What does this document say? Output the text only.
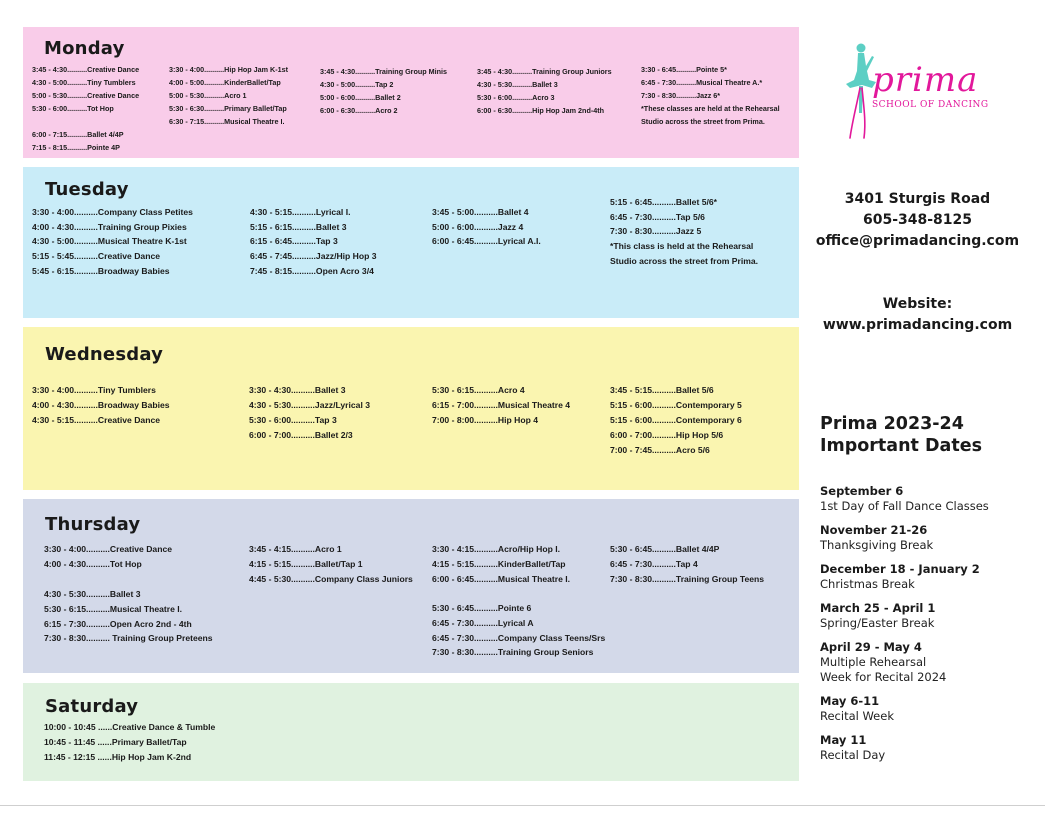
Monday
3:45 - 4:30..........Creative Dance
4:30 - 5:00..........Tiny Tumblers
5:00 - 5:30..........Creative Dance
5:30 - 6:00..........Tot Hop
6:00 - 7:15..........Ballet 4/4P
7:15 - 8:15..........Pointe 4P
3:30 - 4:00..........Hip Hop Jam K-1st
4:00 - 5:00..........KinderBallet/Tap
5:00 - 5:30..........Acro 1
5:30 - 6:30..........Primary Ballet/Tap
6:30 - 7:15..........Musical Theatre I.
3:45 - 4:30..........Training Group Minis
4:30 - 5:00..........Tap 2
5:00 - 6:00..........Ballet 2
6:00 - 6:30..........Acro 2
3:45 - 4:30..........Training Group Juniors
4:30 - 5:30..........Ballet 3
5:30 - 6:00..........Acro 3
6:00 - 6:30..........Hip Hop Jam 2nd-4th
3:30 - 6:45..........Pointe 5*
6:45 - 7:30..........Musical Theatre A.*
7:30 - 8:30..........Jazz 6*
*These classes are held at the Rehearsal
Studio across the street from Prima.
Tuesday
3:30 - 4:00..........Company Class Petites
4:00 - 4:30..........Training Group Pixies
4:30 - 5:00..........Musical Theatre K-1st
5:15 - 5:45..........Creative Dance
5:45 - 6:15..........Broadway Babies
4:30 - 5:15..........Lyrical I.
5:15 - 6:15..........Ballet 3
6:15 - 6:45..........Tap 3
6:45 - 7:45..........Jazz/Hip Hop 3
7:45 - 8:15..........Open Acro 3/4
3:45 - 5:00..........Ballet 4
5:00 - 6:00..........Jazz 4
6:00 - 6:45..........Lyrical A.I.
5:15 - 6:45..........Ballet 5/6*
6:45 - 7:30..........Tap 5/6
7:30 - 8:30..........Jazz 5
*This class is held at the Rehearsal
Studio across the street from Prima.
Wednesday
3:30 - 4:00..........Tiny Tumblers
4:00 - 4:30..........Broadway Babies
4:30 - 5:15..........Creative Dance
3:30 - 4:30..........Ballet 3
4:30 - 5:30..........Jazz/Lyrical 3
5:30 - 6:00..........Tap 3
6:00 - 7:00..........Ballet 2/3
5:30 - 6:15..........Acro 4
6:15 - 7:00..........Musical Theatre 4
7:00 - 8:00..........Hip Hop 4
3:45 - 5:15..........Ballet 5/6
5:15 - 6:00..........Contemporary 5
5:15 - 6:00..........Contemporary 6
6:00 - 7:00..........Hip Hop 5/6
7:00 - 7:45..........Acro 5/6
Thursday
3:30 - 4:00..........Creative Dance
4:00 - 4:30..........Tot Hop
4:30 - 5:30..........Ballet 3
5:30 - 6:15..........Musical Theatre I.
6:15 - 7:30..........Open Acro 2nd - 4th
7:30 - 8:30.......... Training Group Preteens
3:45 - 4:15..........Acro 1
4:15 - 5:15..........Ballet/Tap 1
4:45 - 5:30..........Company Class Juniors
3:30 - 4:15..........Acro/Hip Hop I.
4:15 - 5:15..........KinderBallet/Tap
6:00 - 6:45..........Musical Theatre I.
5:30 - 6:45..........Pointe 6
6:45 - 7:30..........Lyrical A
6:45 - 7:30..........Company Class Teens/Srs
7:30 - 8:30..........Training Group Seniors
5:30 - 6:45..........Ballet 4/4P
6:45 - 7:30..........Tap 4
7:30 - 8:30..........Training Group Teens
Saturday
10:00 - 10:45 ......Creative Dance & Tumble
10:45 - 11:45 ......Primary Ballet/Tap
11:45 - 12:15 ......Hip Hop Jam K-2nd
prima
SCHOOL OF DANCING
3401 Sturgis Road
605-348-8125
office@primadancing.com
Website:
www.primadancing.com
Prima 2023-24
Important Dates
September 6
1st Day of Fall Dance Classes
November 21-26
Thanksgiving Break
December 18 - January 2
Christmas Break
March 25 - April 1
Spring/Easter Break
April 29 - May 4
Multiple Rehearsal
Week for Recital 2024
May 6-11
Recital Week
May 11
Recital Day
